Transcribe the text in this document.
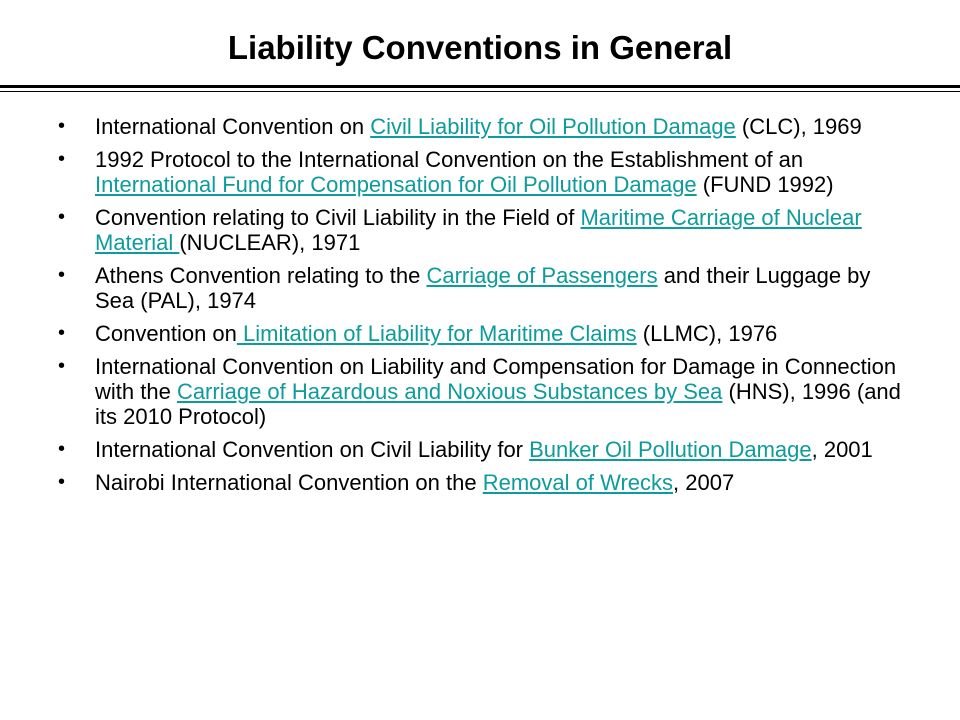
Liability Conventions in General
• International Convention on Civil Liability for Oil Pollution Damage (CLC), 1969
• 1992 Protocol to the International Convention on the Establishment of an International Fund for Compensation for Oil Pollution Damage (FUND 1992)
• Convention relating to Civil Liability in the Field of Maritime Carriage of Nuclear Material (NUCLEAR), 1971
• Athens Convention relating to the Carriage of Passengers and their Luggage by Sea (PAL), 1974
• Convention on Limitation of Liability for Maritime Claims (LLMC), 1976
• International Convention on Liability and Compensation for Damage in Connection with the Carriage of Hazardous and Noxious Substances by Sea (HNS), 1996 (and its 2010 Protocol)
• International Convention on Civil Liability for Bunker Oil Pollution Damage, 2001
• Nairobi International Convention on the Removal of Wrecks, 2007
